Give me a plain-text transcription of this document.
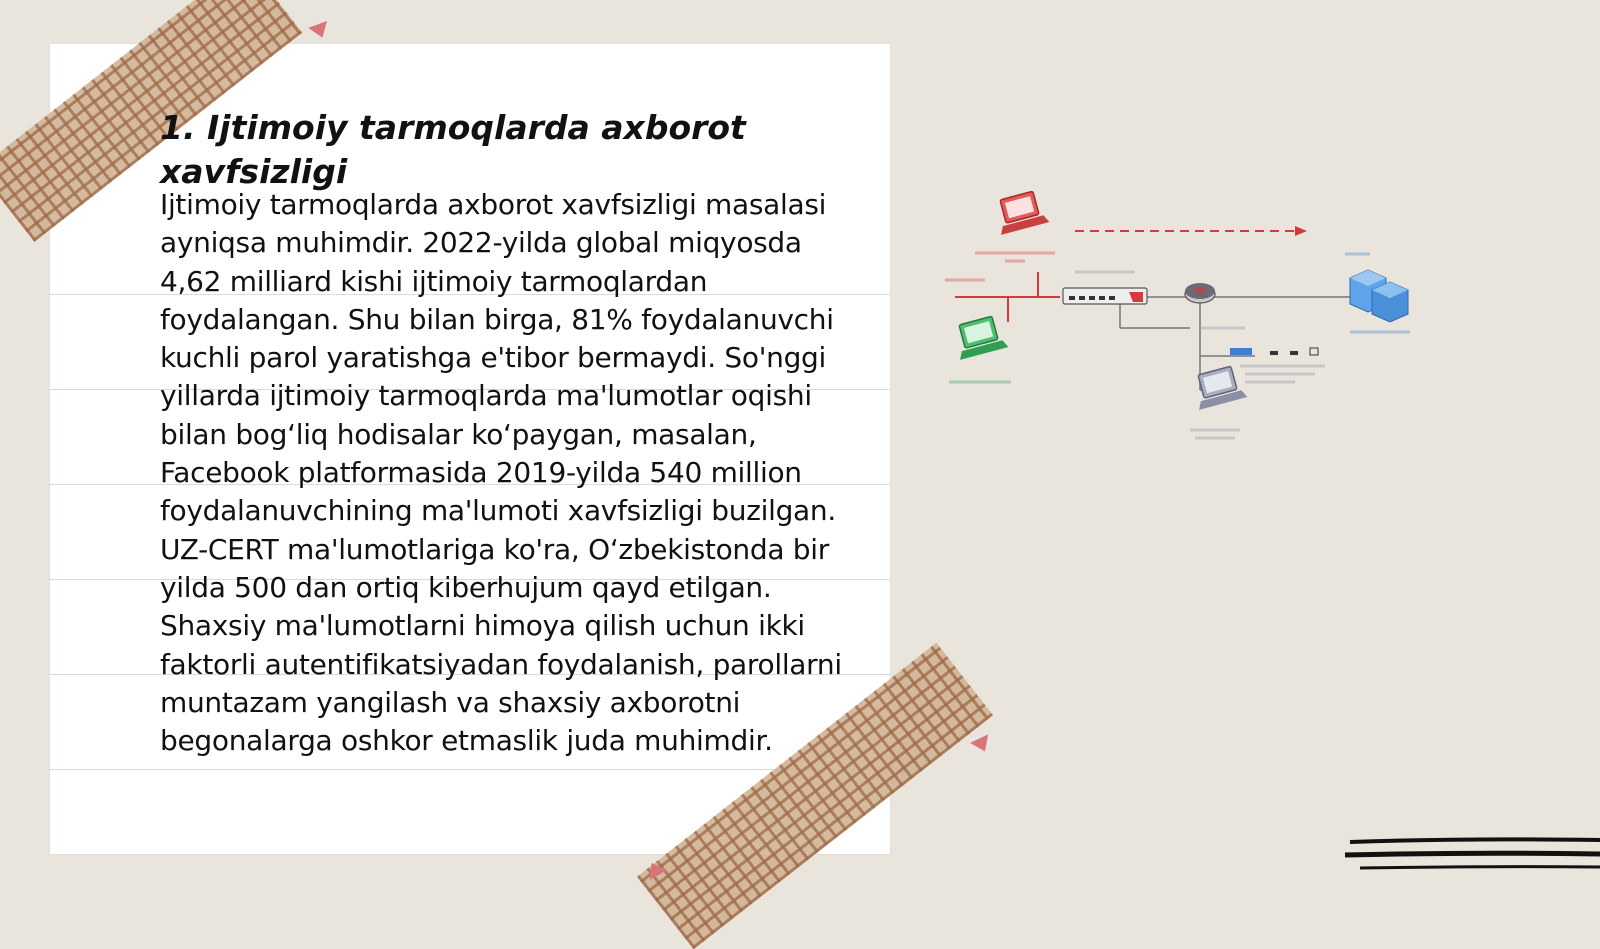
1. Ijtimoiy tarmoqlarda axborot xavfsizligi

Ijtimoiy tarmoqlarda axborot xavfsizligi masalasi ayniqsa muhimdir. 2022-yilda global miqyosda 4,62 milliard kishi ijtimoiy tarmoqlardan foydalangan. Shu bilan birga, 81% foydalanuvchi kuchli parol yaratishga e'tibor bermaydi. So'nggi yillarda ijtimoiy tarmoqlarda ma'lumotlar oqishi bilan bog‘liq hodisalar ko‘paygan, masalan, Facebook platformasida 2019-yilda 540 million foydalanuvchining ma'lumoti xavfsizligi buzilgan. UZ-CERT ma'lumotlariga ko'ra, O‘zbekistonda bir yilda 500 dan ortiq kiberhujum qayd etilgan. Shaxsiy ma'lumotlarni himoya qilish uchun ikki faktorli autentifikatsiyadan foydalanish, parollarni muntazam yangilash va shaxsiy axborotni begonalarga oshkor etmaslik juda muhimdir.
